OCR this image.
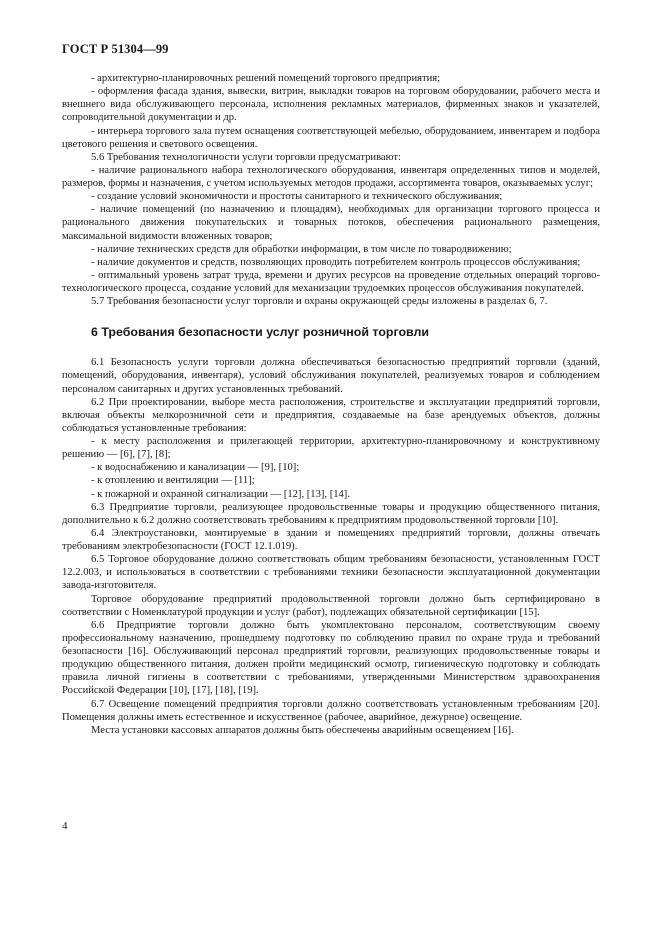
ГОСТ Р 51304—99

- архитектурно-планировочных решений помещений торгового предприятия;

- оформления фасада здания, вывески, витрин, выкладки товаров на торговом оборудовании, рабочего места и внешнего вида обслуживающего персонала, исполнения рекламных материалов, фирменных знаков и указателей, сопроводительной документации и др.

- интерьера торгового зала путем оснащения соответствующей мебелью, оборудованием, инвентарем и подбора цветового решения и светового освещения.

5.6 Требования технологичности услуги торговли предусматривают:

- наличие рационального набора технологического оборудования, инвентаря определенных типов и моделей, размеров, формы и назначения, с учетом используемых методов продажи, ассортимента товаров, оказываемых услуг;

- создание условий экономичности и простоты санитарного и технического обслуживания;

- наличие помещений (по назначению и площадям), необходимых для организации торгового процесса и рационального движения покупательских и товарных потоков, обеспечения рационального размещения, максимальной видимости вложенных товаров;

- наличие технических средств для обработки информации, в том числе по товародвижению;

- наличие документов и средств, позволяющих проводить потребителем контроль процессов обслуживания;

- оптимальный уровень затрат труда, времени и других ресурсов на проведение отдельных операций торгово-технологического процесса, создание условий для механизации трудоемких процессов обслуживания покупателей.

5.7 Требования безопасности услуг торговли и охраны окружающей среды изложены в разделах 6, 7.

6 Требования безопасности услуг розничной торговли

6.1 Безопасность услуги торговли должна обеспечиваться безопасностью предприятий торговли (зданий, помещений, оборудования, инвентаря), условий обслуживания покупателей, реализуемых товаров и соблюдением персоналом санитарных и других установленных требований.

6.2 При проектировании, выборе места расположения, строительстве и эксплуатации предприятий торговли, включая объекты мелкорозничной сети и предприятия, создаваемые на базе арендуемых объектов, должны соблюдаться установленные требования:

- к месту расположения и прилегающей территории, архитектурно-планировочному и конструктивному решению — [6], [7], [8];

- к водоснабжению и канализации — [9], [10];

- к отоплению и вентиляции — [11];

- к пожарной и охранной сигнализации — [12], [13], [14].

6.3 Предприятие торговли, реализующее продовольственные товары и продукцию общественного питания, дополнительно к 6.2 должно соответствовать требованиям к предприятиям продовольственной торговли [10].

6.4 Электроустановки, монтируемые в здании и помещениях предприятий торговли, должны отвечать требованиям электробезопасности (ГОСТ 12.1.019).

6.5 Торговое оборудование должно соответствовать общим требованиям безопасности, установленным ГОСТ 12.2.003, и использоваться в соответствии с требованиями техники безопасности эксплуатационной документации завода-изготовителя.

Торговое оборудование предприятий продовольственной торговли должно быть сертифицировано в соответствии с Номенклатурой продукции и услуг (работ), подлежащих обязательной сертификации [15].

6.6 Предприятие торговли должно быть укомплектовано персоналом, соответствующим своему профессиональному назначению, прошедшему подготовку по соблюдению правил по охране труда и требований безопасности [16]. Обслуживающий персонал предприятий торговли, реализующих продовольственные товары и продукцию общественного питания, должен пройти медицинский осмотр, гигиеническую подготовку и соблюдать правила личной гигиены в соответствии с требованиями, утвержденными Министерством здравоохранения Российской Федерации [10], [17], [18], [19].

6.7 Освещение помещений предприятия торговли должно соответствовать установленным требованиям [20]. Помещения должны иметь естественное и искусственное (рабочее, аварийное, дежурное) освещение.

Места установки кассовых аппаратов должны быть обеспечены аварийным освещением [16].

4
